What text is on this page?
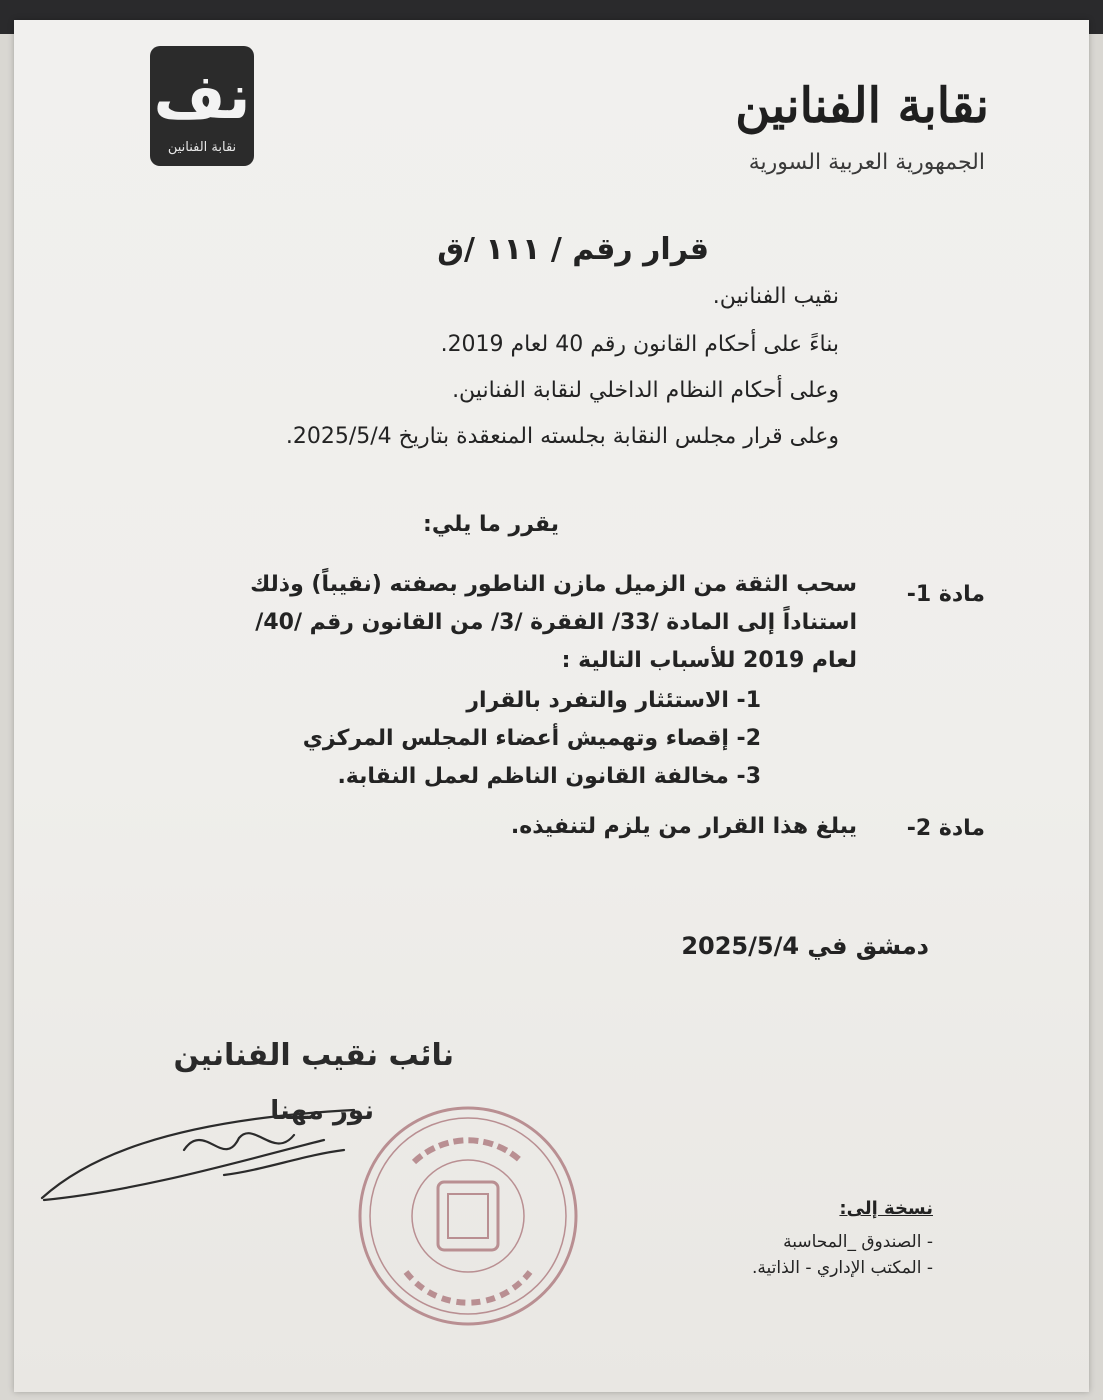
ﻧﻒ
نقابة الفنانين
نقابة الفنانين
الجمهورية العربية السورية
قرار رقم / ١١١ /ق
نقيب الفنانين.
بناءً على أحكام القانون رقم 40 لعام 2019.
وعلى أحكام النظام الداخلي لنقابة الفنانين.
وعلى قرار مجلس النقابة بجلسته المنعقدة بتاريخ 2025/5/4.
يقرر ما يلي:
مادة 1-
سحب الثقة من الزميل مازن الناطور بصفته (نقيباً) وذلك استناداً إلى المادة /33/ الفقرة /3/ من القانون رقم /40/ لعام 2019 للأسباب التالية :
1- الاستئثار والتفرد بالقرار
2- إقصاء وتهميش أعضاء المجلس المركزي
3- مخالفة القانون الناظم لعمل النقابة.
مادة 2-
يبلغ هذا القرار من يلزم لتنفيذه.
دمشق في 2025/5/4
نائب نقيب الفنانين
نور مهنا
نسخة إلى:
- الصندوق _المحاسبة
- المكتب الإداري - الذاتية.
